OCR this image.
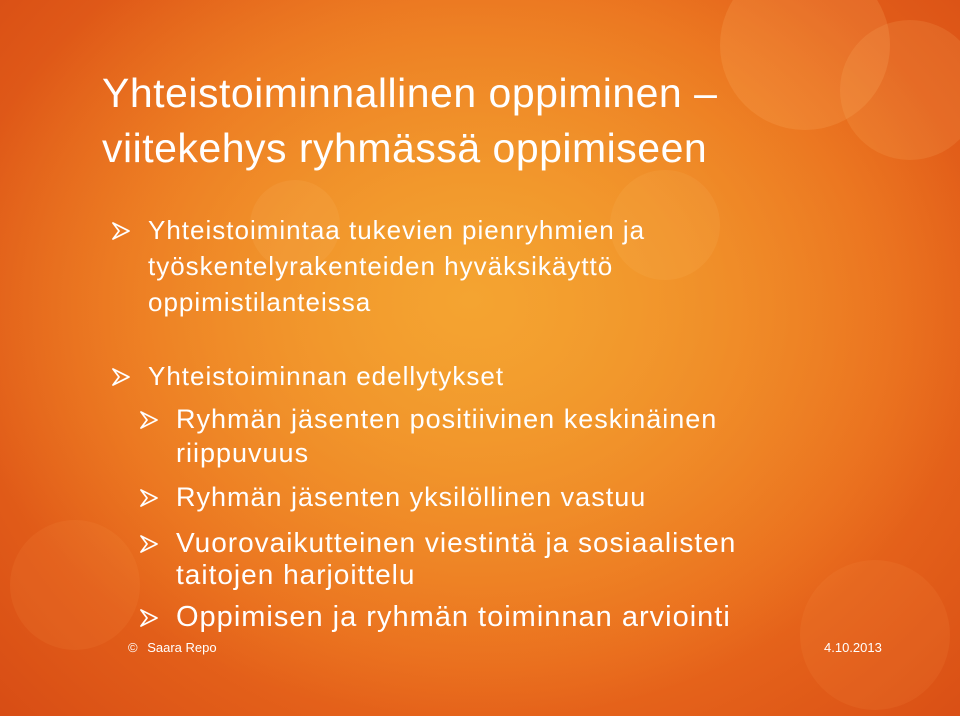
Yhteistoiminnallinen oppiminen –
viitekehys ryhmässä oppimiseen
Yhteistoimintaa tukevien pienryhmien ja
työskentelyrakenteiden hyväksikäyttö
oppimistilanteissa
Yhteistoiminnan edellytykset
Ryhmän jäsenten positiivinen keskinäinen
riippuvuus
Ryhmän jäsenten yksilöllinen vastuu
Vuorovaikutteinen viestintä ja sosiaalisten
taitojen harjoittelu
Oppimisen ja ryhmän toiminnan arviointi
© Saara Repo	4.10.2013
